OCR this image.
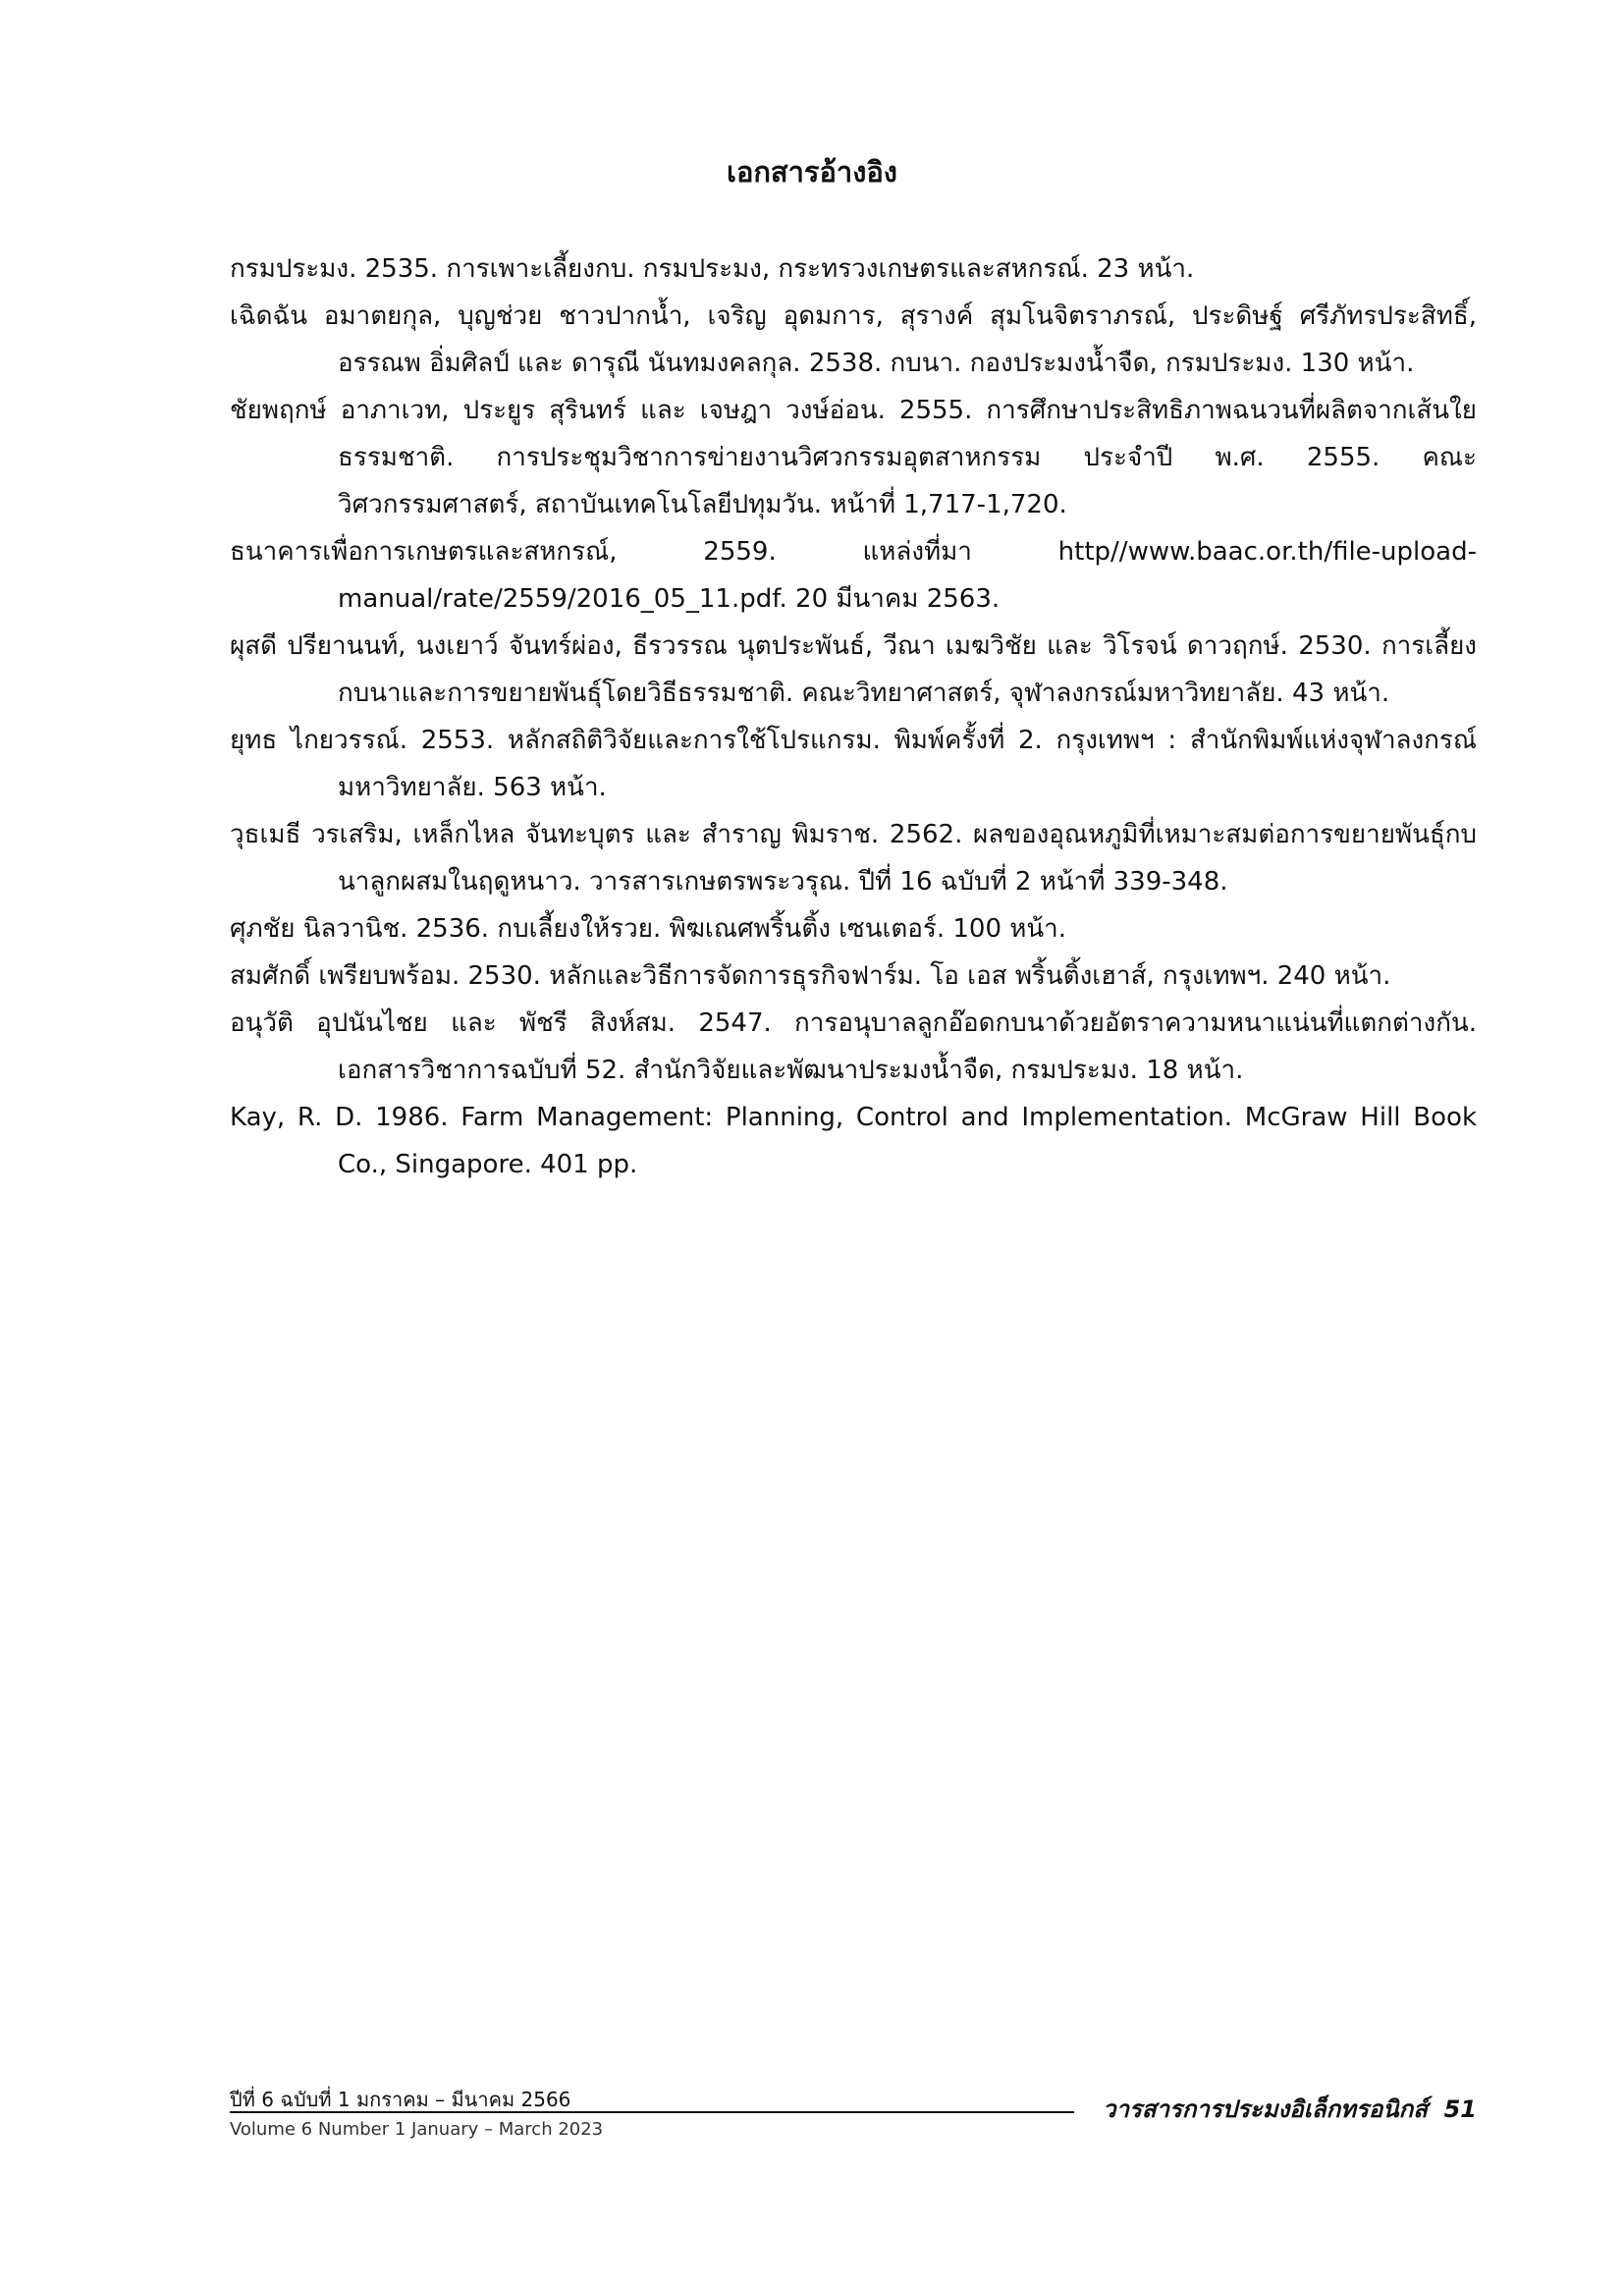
เอกสารอ้างอิง
กรมประมง. 2535. การเพาะเลี้ยงกบ. กรมประมง, กระทรวงเกษตรและสหกรณ์. 23 หน้า.
เฉิดฉัน อมาตยกุล, บุญช่วย ชาวปากน้ำ, เจริญ อุดมการ, สุรางค์ สุมโนจิตราภรณ์, ประดิษฐ์ ศรีภัทรประสิทธิ์, อรรณพ อิ่มศิลป์ และ ดารุณี นันทมงคลกุล. 2538. กบนา. กองประมงน้ำจืด, กรมประมง. 130 หน้า.
ชัยพฤกษ์ อาภาเวท, ประยูร สุรินทร์ และ เจษฎา วงษ์อ่อน. 2555. การศึกษาประสิทธิภาพฉนวนที่ผลิตจากเส้นใยธรรมชาติ. การประชุมวิชาการข่ายงานวิศวกรรมอุตสาหกรรม ประจำปี พ.ศ. 2555. คณะวิศวกรรมศาสตร์, สถาบันเทคโนโลยีปทุมวัน. หน้าที่ 1,717-1,720.
ธนาคารเพื่อการเกษตรและสหกรณ์, 2559. แหล่งที่มา http//www.baac.or.th/file-upload-manual/rate/2559/2016_05_11.pdf. 20 มีนาคม 2563.
ผุสดี ปรียานนท์, นงเยาว์ จันทร์ผ่อง, ธีรวรรณ นุตประพันธ์, วีณา เมฆวิชัย และ วิโรจน์ ดาวฤกษ์. 2530. การเลี้ยงกบนาและการขยายพันธุ์โดยวิธีธรรมชาติ. คณะวิทยาศาสตร์, จุฬาลงกรณ์มหาวิทยาลัย. 43 หน้า.
ยุทธ ไกยวรรณ์. 2553. หลักสถิติวิจัยและการใช้โปรแกรม. พิมพ์ครั้งที่ 2. กรุงเทพฯ : สำนักพิมพ์แห่งจุฬาลงกรณ์มหาวิทยาลัย. 563 หน้า.
วุธเมธี วรเสริม, เหล็กไหล จันทะบุตร และ สำราญ พิมราช. 2562. ผลของอุณหภูมิที่เหมาะสมต่อการขยายพันธุ์กบนาลูกผสมในฤดูหนาว. วารสารเกษตรพระวรุณ. ปีที่ 16 ฉบับที่ 2 หน้าที่ 339-348.
ศุภชัย นิลวานิช. 2536. กบเลี้ยงให้รวย. พิฆเณศพริ้นติ้ง เซนเตอร์. 100 หน้า.
สมศักดิ์ เพรียบพร้อม. 2530. หลักและวิธีการจัดการธุรกิจฟาร์ม. โอ เอส พริ้นติ้งเฮาส์, กรุงเทพฯ. 240 หน้า.
อนุวัติ อุปนันไชย และ พัชรี สิงห์สม. 2547. การอนุบาลลูกอ๊อดกบนาด้วยอัตราความหนาแน่นที่แตกต่างกัน. เอกสารวิชาการฉบับที่ 52. สำนักวิจัยและพัฒนาประมงน้ำจืด, กรมประมง. 18 หน้า.
Kay, R. D. 1986. Farm Management: Planning, Control and Implementation. McGraw Hill Book Co., Singapore. 401 pp.
ปีที่ 6 ฉบับที่ 1 มกราคม – มีนาคม 2566	วารสารการประมงอิเล็กทรอนิกส์ 51
Volume 6 Number 1 January – March 2023
